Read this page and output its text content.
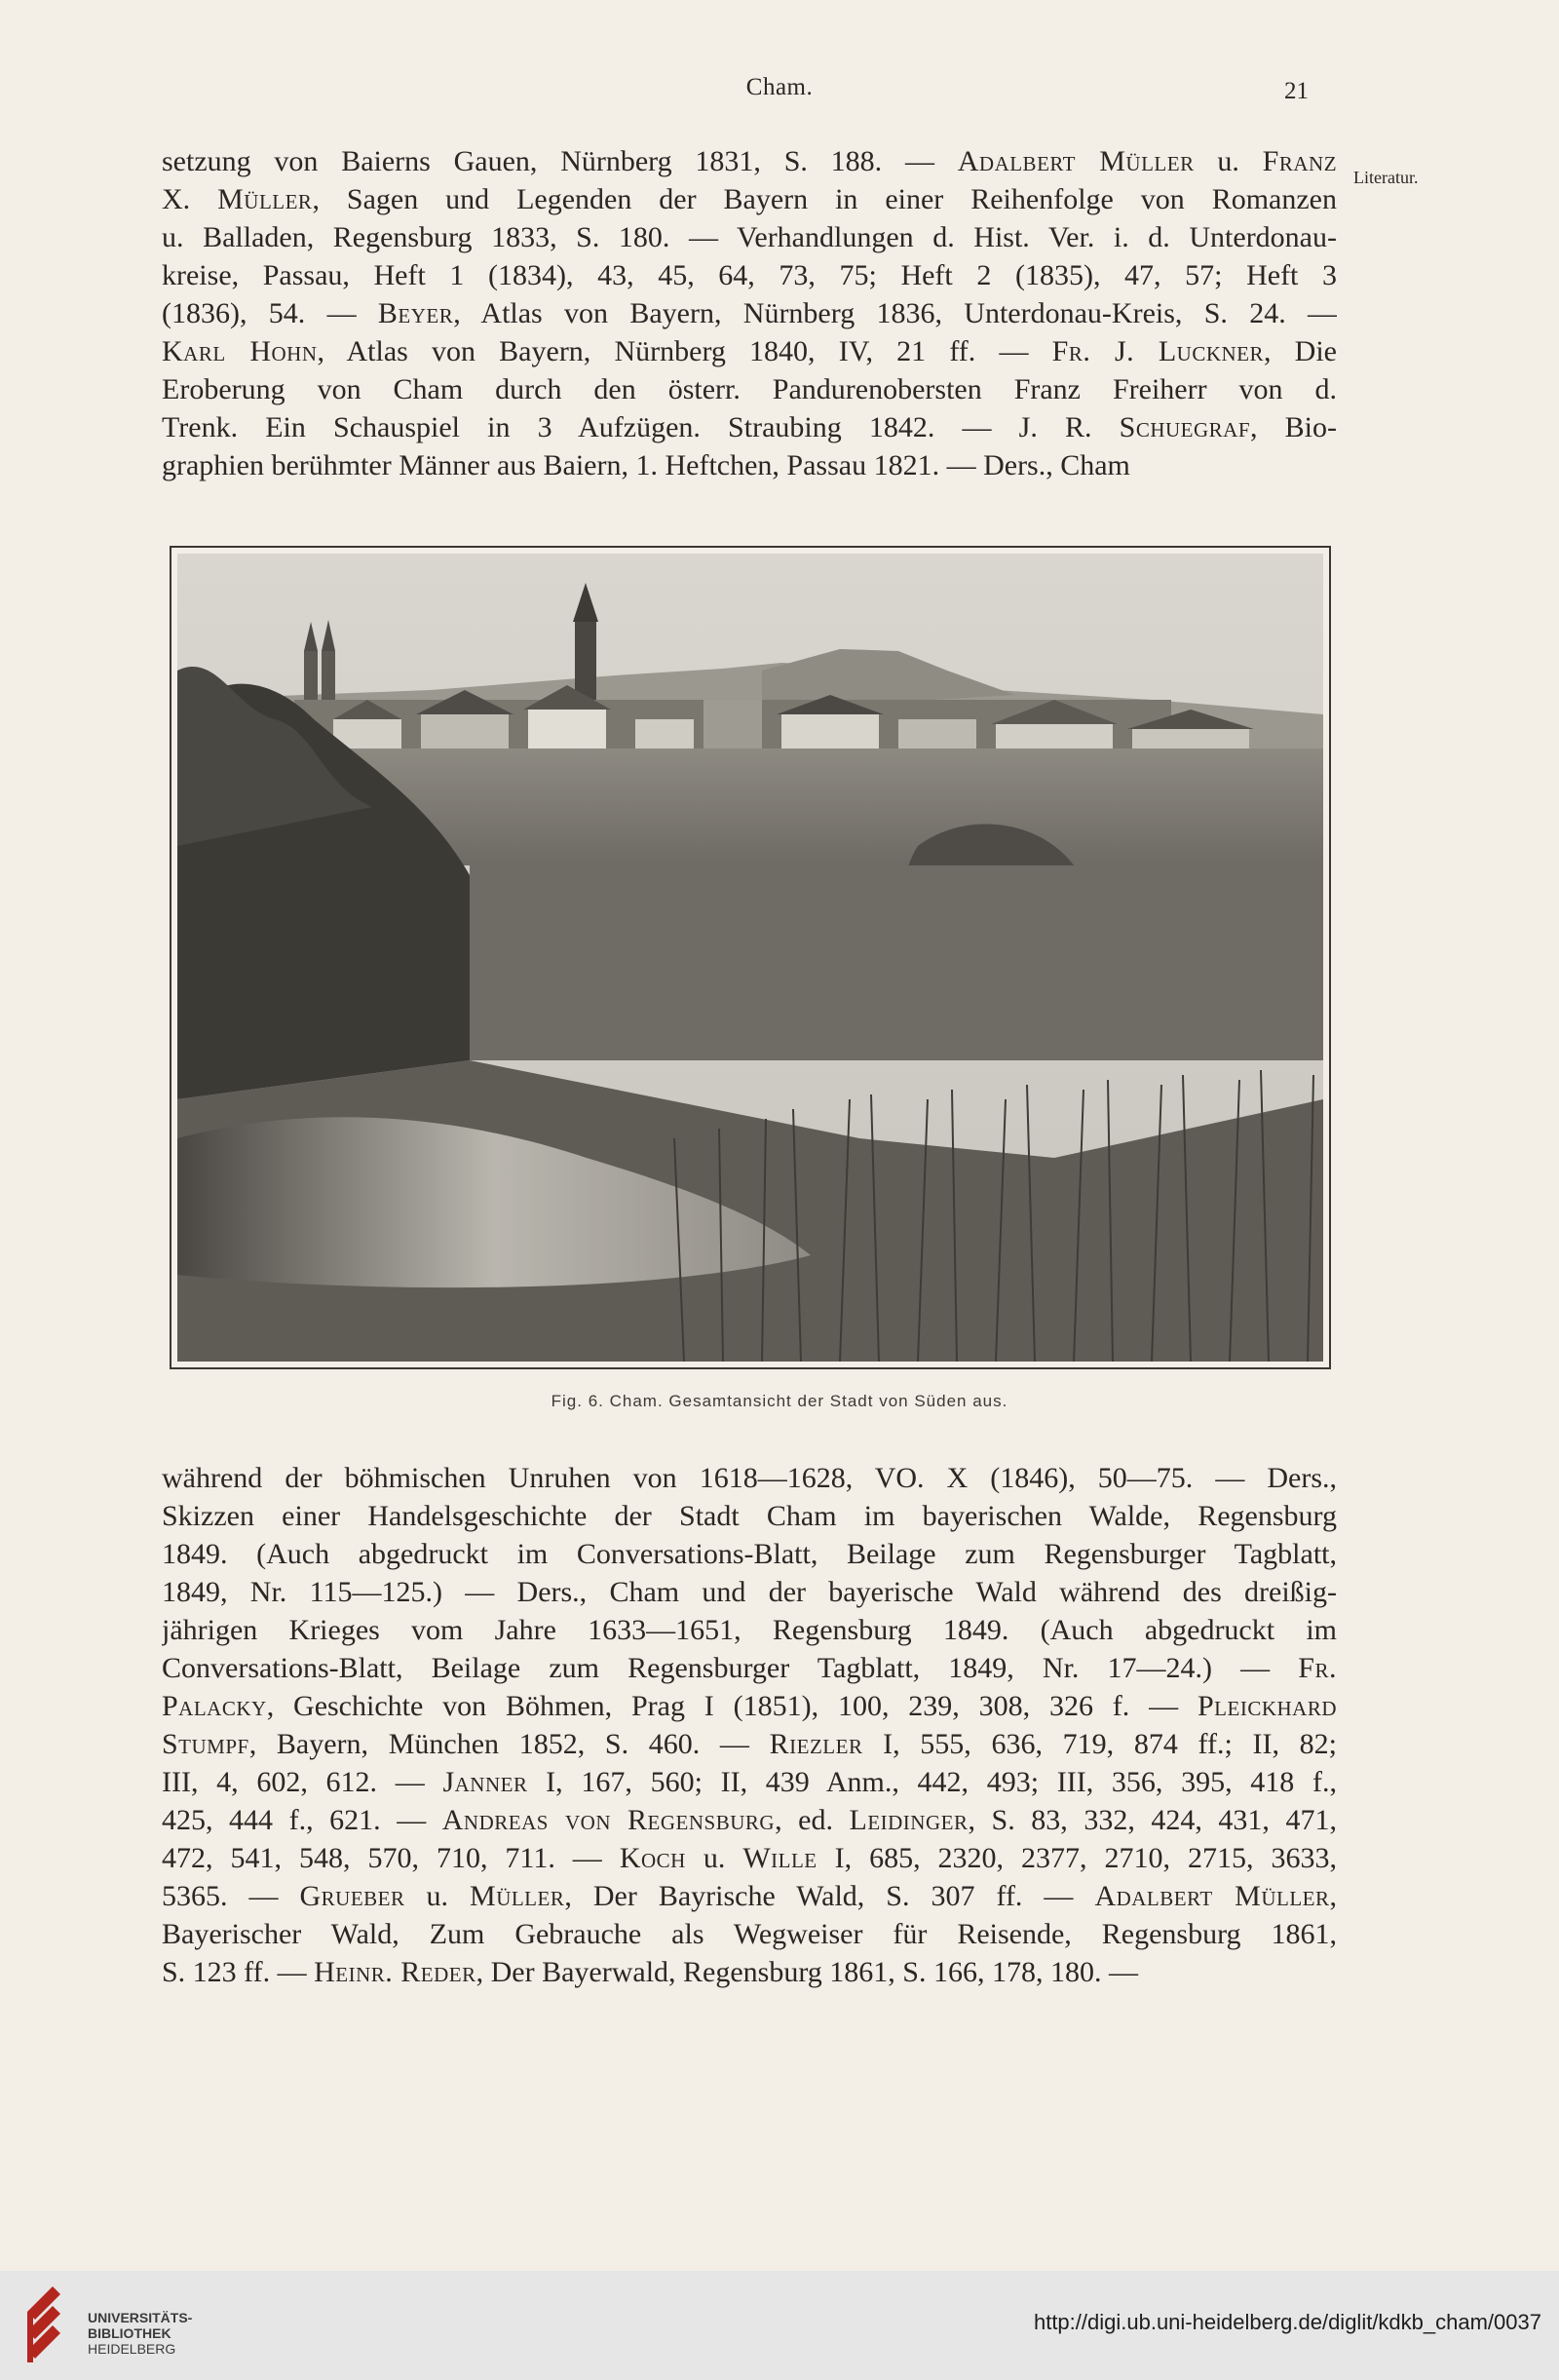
Cham.	21
Literatur.
setzung von Baierns Gauen, Nürnberg 1831, S. 188. — Adalbert Müller u. Franz
X. Müller, Sagen und Legenden der Bayern in einer Reihenfolge von Romanzen
u. Balladen, Regensburg 1833, S. 180. — Verhandlungen d. Hist. Ver. i. d. Unterdonau-
kreise, Passau, Heft 1 (1834), 43, 45, 64, 73, 75; Heft 2 (1835), 47, 57; Heft 3
(1836), 54. — Beyer, Atlas von Bayern, Nürnberg 1836, Unterdonau-Kreis, S. 24. —
Karl Hohn, Atlas von Bayern, Nürnberg 1840, IV, 21 ff. — Fr. J. Luckner, Die
Eroberung von Cham durch den österr. Pandurenobersten Franz Freiherr von d.
Trenk. Ein Schauspiel in 3 Aufzügen. Straubing 1842. — J. R. Schuegraf, Bio-
graphien berühmter Männer aus Baiern, 1. Heftchen, Passau 1821. — Ders., Cham
Fig. 6. Cham. Gesamtansicht der Stadt von Süden aus.
während der böhmischen Unruhen von 1618—1628, VO. X (1846), 50—75. — Ders.,
Skizzen einer Handelsgeschichte der Stadt Cham im bayerischen Walde, Regensburg
1849. (Auch abgedruckt im Conversations-Blatt, Beilage zum Regensburger Tagblatt,
1849, Nr. 115—125.) — Ders., Cham und der bayerische Wald während des dreißig-
jährigen Krieges vom Jahre 1633—1651, Regensburg 1849. (Auch abgedruckt im
Conversations-Blatt, Beilage zum Regensburger Tagblatt, 1849, Nr. 17—24.) — Fr.
Palacky, Geschichte von Böhmen, Prag I (1851), 100, 239, 308, 326 f. — Pleickhard
Stumpf, Bayern, München 1852, S. 460. — Riezler I, 555, 636, 719, 874 ff.; II, 82;
III, 4, 602, 612. — Janner I, 167, 560; II, 439 Anm., 442, 493; III, 356, 395, 418 f.,
425, 444 f., 621. — Andreas von Regensburg, ed. Leidinger, S. 83, 332, 424, 431, 471,
472, 541, 548, 570, 710, 711. — Koch u. Wille I, 685, 2320, 2377, 2710, 2715, 3633,
5365. — Grueber u. Müller, Der Bayrische Wald, S. 307 ff. — Adalbert Müller,
Bayerischer Wald, Zum Gebrauche als Wegweiser für Reisende, Regensburg 1861,
S. 123 ff. — Heinr. Reder, Der Bayerwald, Regensburg 1861, S. 166, 178, 180. —
UNIVERSITÄTS-
BIBLIOTHEK
HEIDELBERG
http://digi.ub.uni-heidelberg.de/diglit/kdkb_cham/0037
